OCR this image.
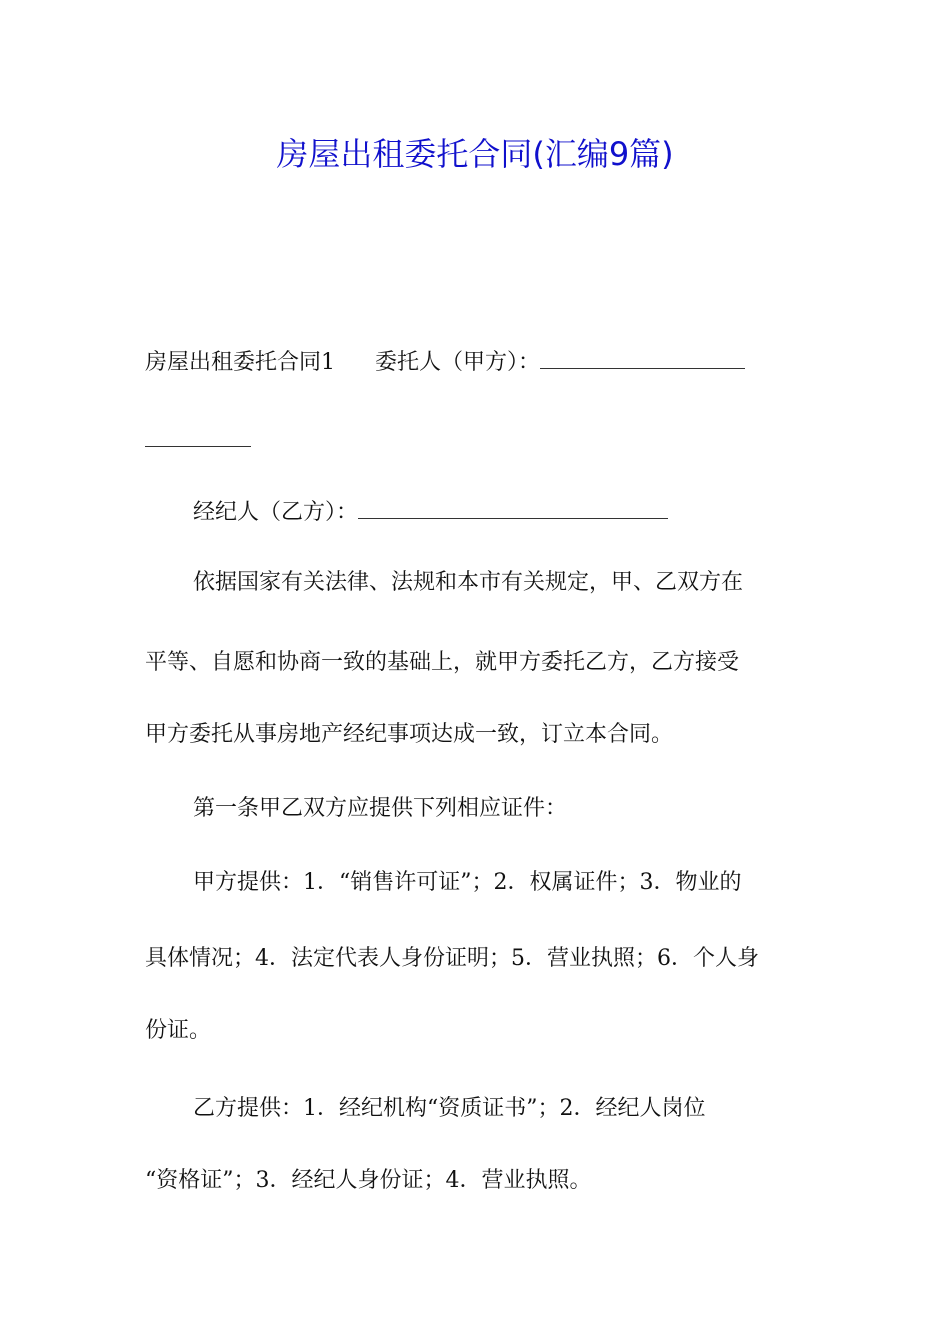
房屋出租委托合同(汇编9篇)
房屋出租委托合同1 委托人（甲方）：
经纪人（乙方）：
依据国家有关法律、法规和本市有关规定，甲、乙双方在
平等、自愿和协商一致的基础上，就甲方委托乙方，乙方接受
甲方委托从事房地产经纪事项达成一致，订立本合同。
第一条甲乙双方应提供下列相应证件：
甲方提供：1．“销售许可证”；2．权属证件；3．物业的
具体情况；4．法定代表人身份证明；5．营业执照；6．个人身
份证。
乙方提供：1．经纪机构“资质证书”；2．经纪人岗位
“资格证”；3．经纪人身份证；4．营业执照。
